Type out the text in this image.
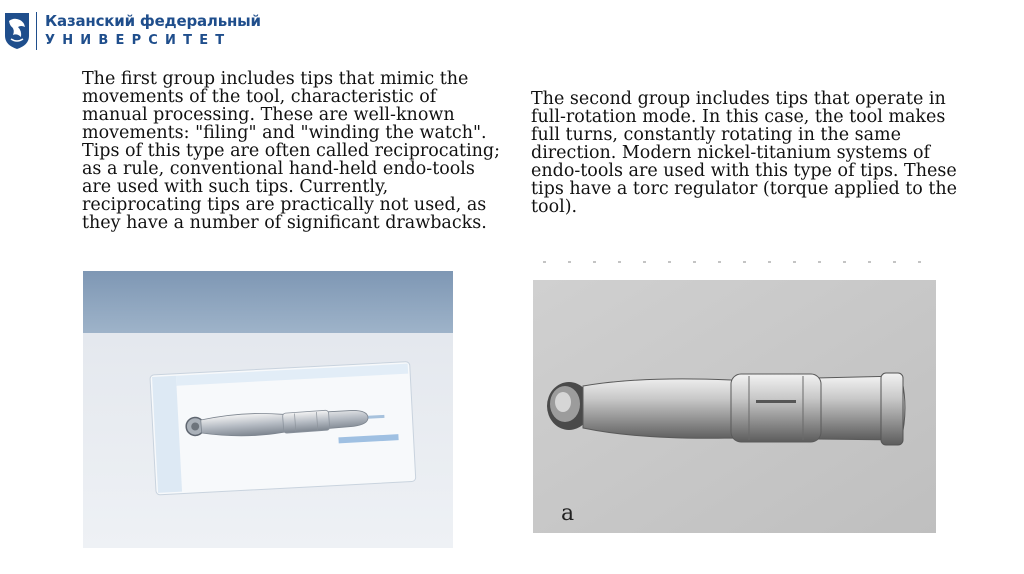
Казанский федеральный
УНИВЕРСИТЕТ
The first group includes tips that mimic the movements of the tool, characteristic of manual processing. These are well-known movements: "filing" and "winding the watch". Tips of this type are often called reciprocating; as a rule, conventional hand-held endo-tools are used with such tips. Currently, reciprocating tips are practically not used, as they have a number of significant drawbacks.
The second group includes tips that operate in full-rotation mode. In this case, the tool makes full turns, constantly rotating in the same direction. Modern nickel-titanium systems of endo-tools are used with this type of tips. These tips have a torc regulator (torque applied to the tool).
a
